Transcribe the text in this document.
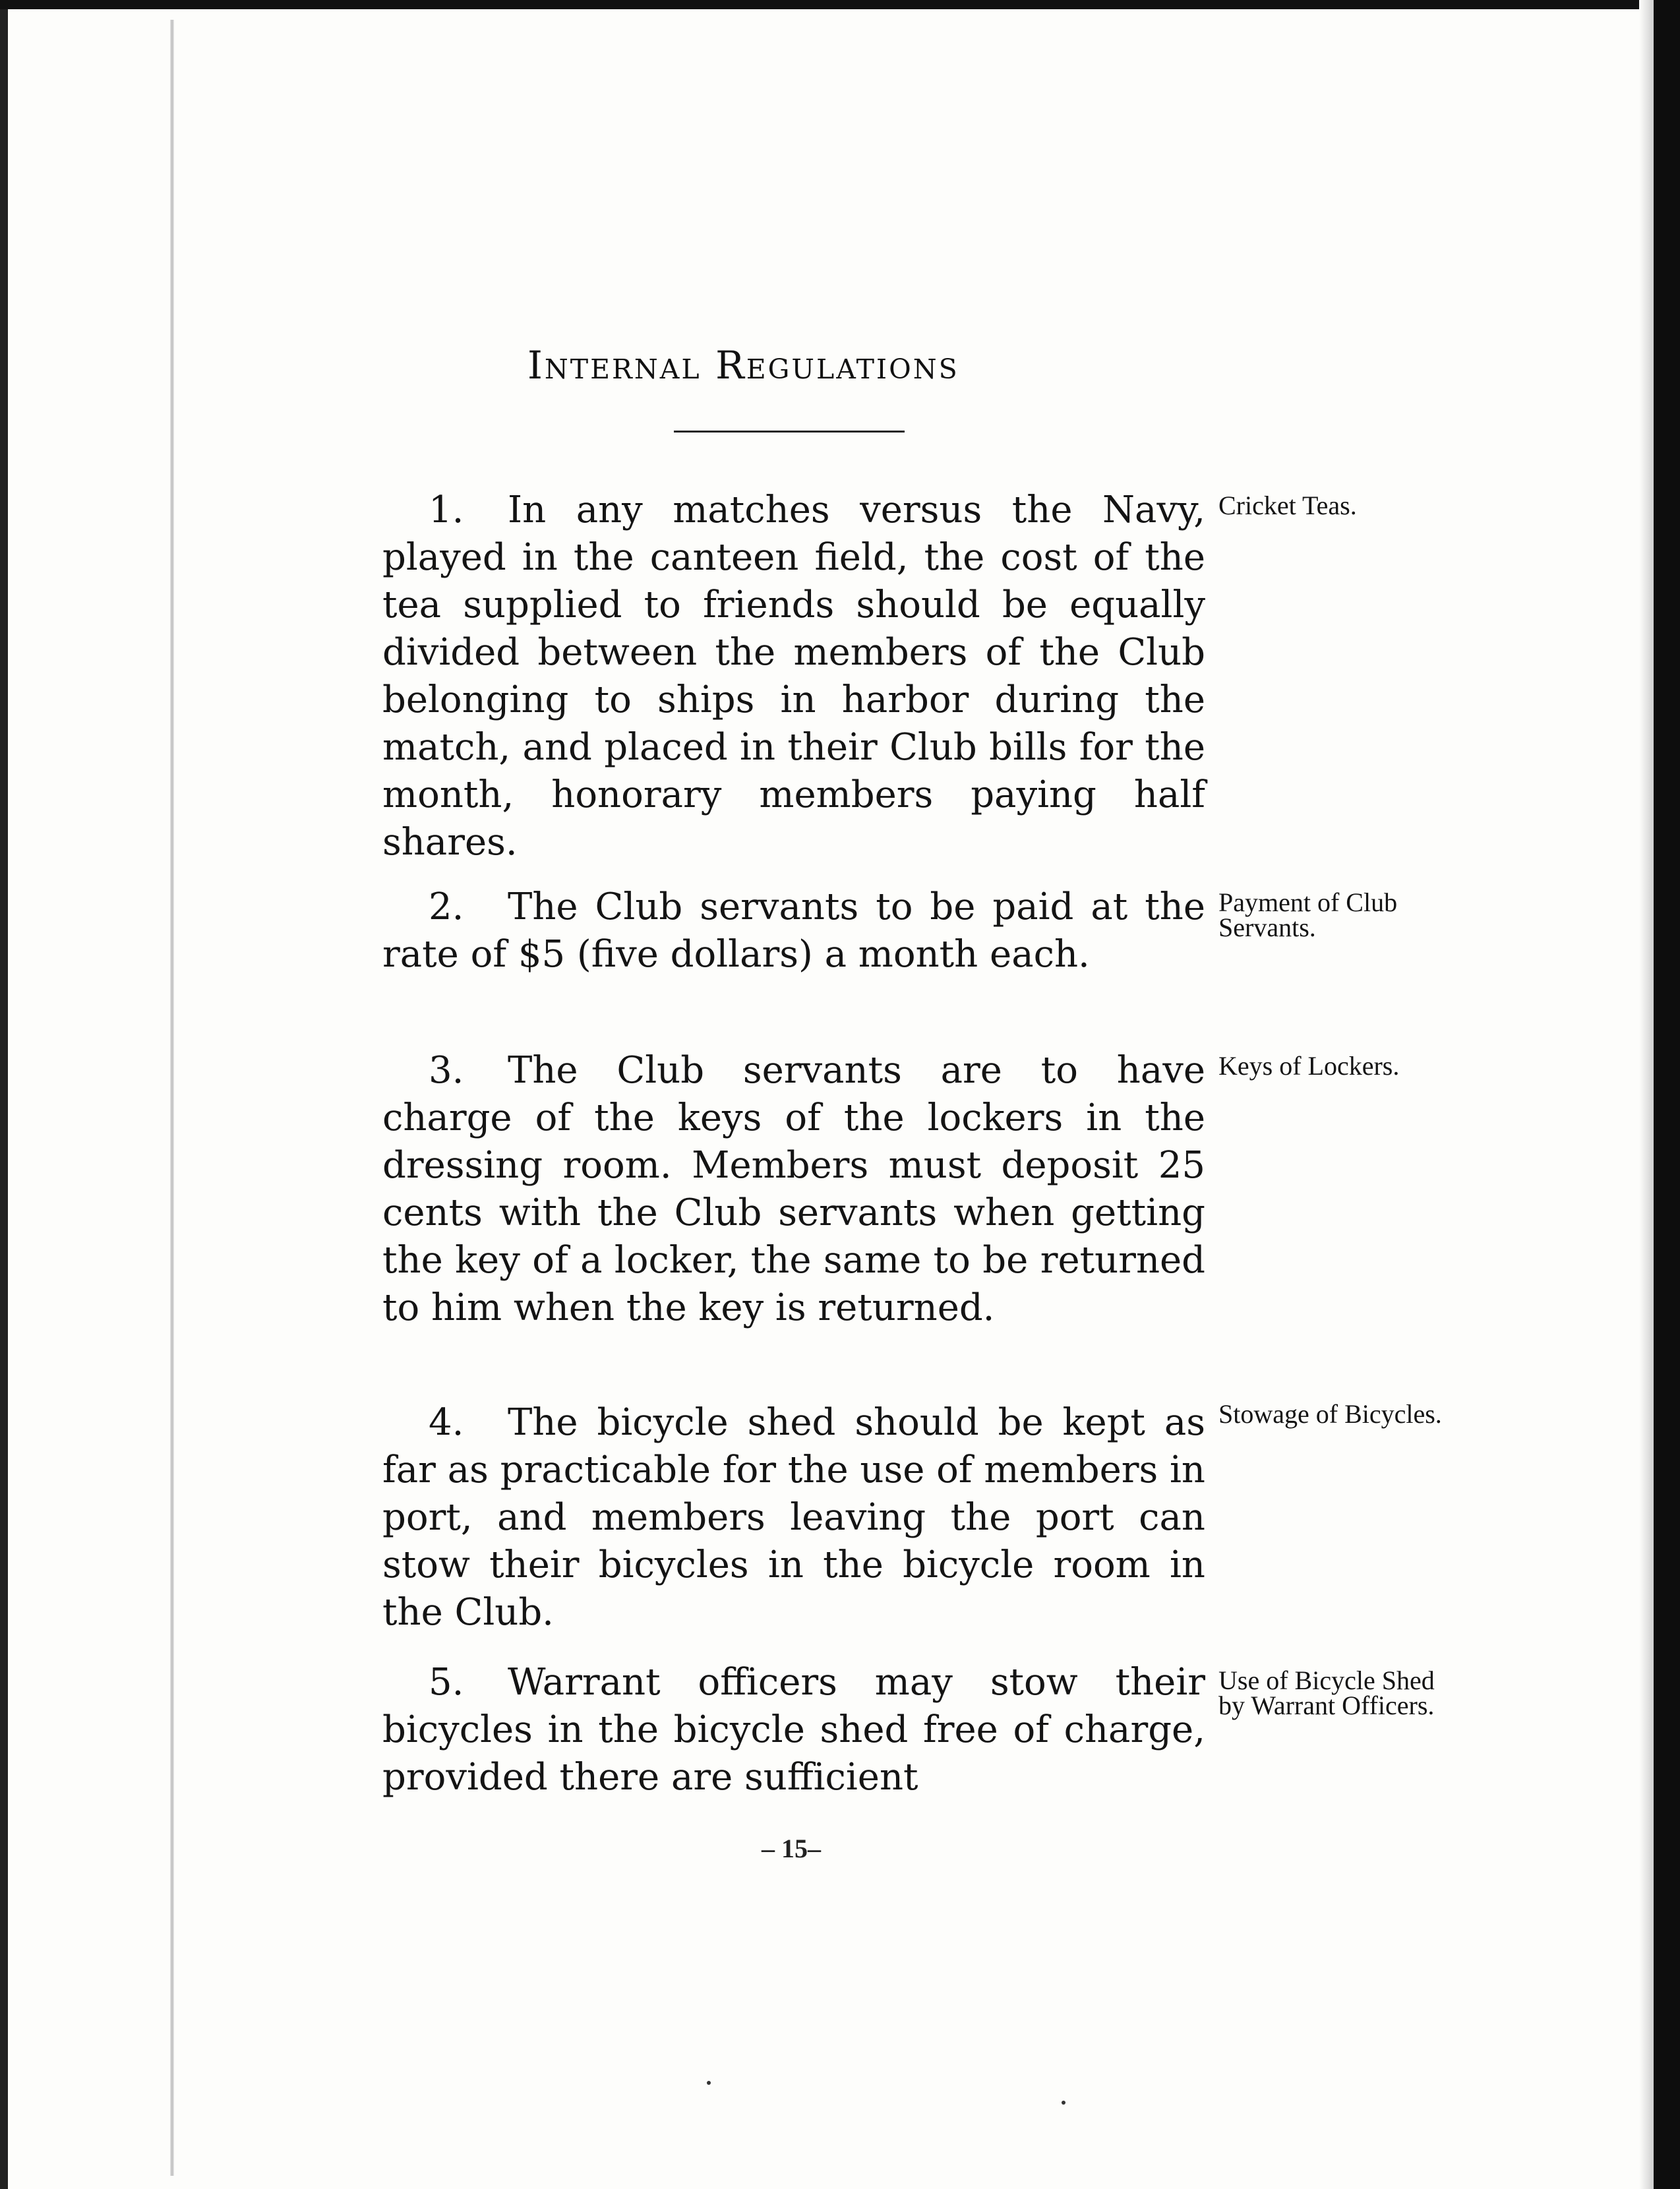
Internal Regulations
1. In any matches versus the Navy, played in the canteen field, the cost of the tea supplied to friends should be equally divided between the members of the Club belonging to ships in harbor during the match, and placed in their Club bills for the month, honorary members paying half shares.
Cricket Teas.
2. The Club servants to be paid at the rate of $5 (five dollars) a month each.
Payment of Club Servants.
3. The Club servants are to have charge of the keys of the lockers in the dressing room. Members must deposit 25 cents with the Club servants when getting the key of a locker, the same to be returned to him when the key is returned.
Keys of Lockers.
4. The bicycle shed should be kept as far as practicable for the use of members in port, and members leaving the port can stow their bicycles in the bicycle room in the Club.
Stowage of Bicycles.
5. Warrant officers may stow their bicycles in the bicycle shed free of charge, provided there are sufficient
Use of Bicycle Shed by Warrant Officers.
– 15–
